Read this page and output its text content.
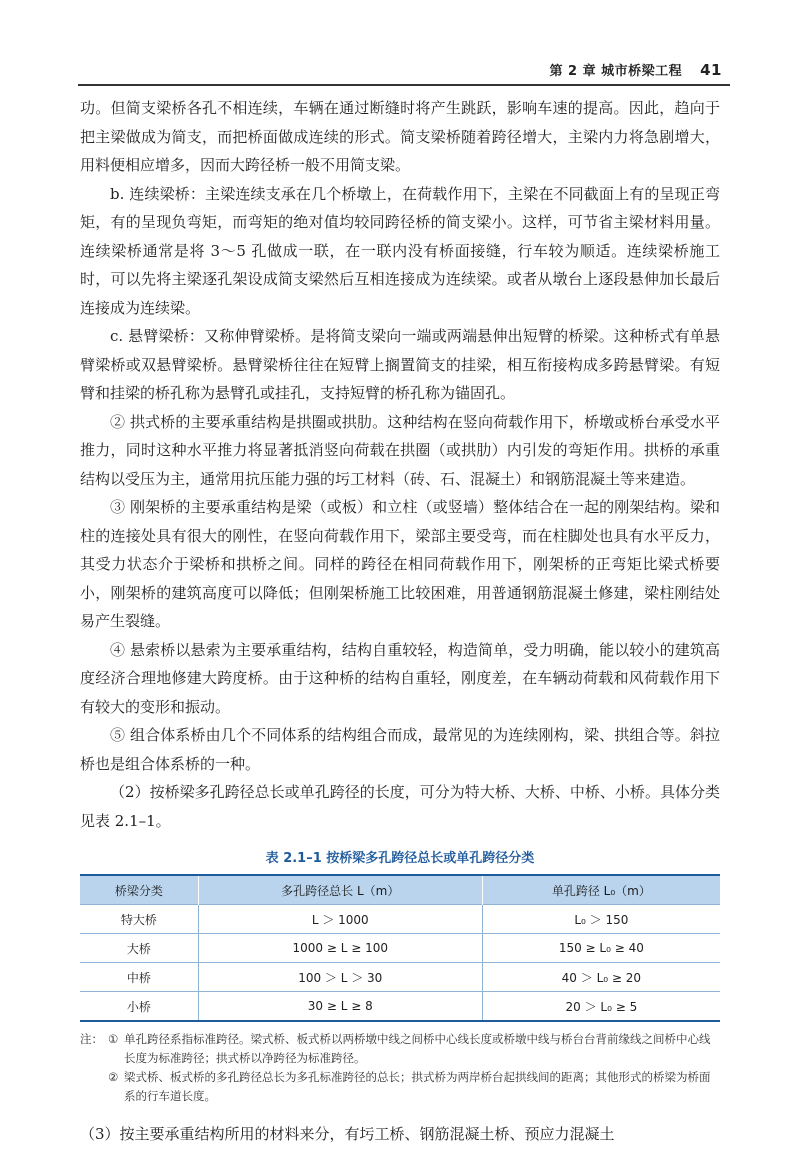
第 2 章 城市桥梁工程 41

功。但简支梁桥各孔不相连续，车辆在通过断缝时将产生跳跃，影响车速的提高。因此，趋向于把主梁做成为简支，而把桥面做成连续的形式。简支梁桥随着跨径增大，主梁内力将急剧增大，用料便相应增多，因而大跨径桥一般不用简支梁。

b. 连续梁桥：主梁连续支承在几个桥墩上，在荷载作用下，主梁在不同截面上有的呈现正弯矩，有的呈现负弯矩，而弯矩的绝对值均较同跨径桥的简支梁小。这样，可节省主梁材料用量。连续梁桥通常是将 3～5 孔做成一联，在一联内没有桥面接缝，行车较为顺适。连续梁桥施工时，可以先将主梁逐孔架设成简支梁然后互相连接成为连续梁。或者从墩台上逐段悬伸加长最后连接成为连续梁。

c. 悬臂梁桥：又称伸臂梁桥。是将简支梁向一端或两端悬伸出短臂的桥梁。这种桥式有单悬臂梁桥或双悬臂梁桥。悬臂梁桥往往在短臂上搁置简支的挂梁，相互衔接构成多跨悬臂梁。有短臂和挂梁的桥孔称为悬臂孔或挂孔，支持短臂的桥孔称为锚固孔。

② 拱式桥的主要承重结构是拱圈或拱肋。这种结构在竖向荷载作用下，桥墩或桥台承受水平推力，同时这种水平推力将显著抵消竖向荷载在拱圈（或拱肋）内引发的弯矩作用。拱桥的承重结构以受压为主，通常用抗压能力强的圬工材料（砖、石、混凝土）和钢筋混凝土等来建造。

③ 刚架桥的主要承重结构是梁（或板）和立柱（或竖墙）整体结合在一起的刚架结构。梁和柱的连接处具有很大的刚性，在竖向荷载作用下，梁部主要受弯，而在柱脚处也具有水平反力，其受力状态介于梁桥和拱桥之间。同样的跨径在相同荷载作用下，刚架桥的正弯矩比梁式桥要小，刚架桥的建筑高度可以降低；但刚架桥施工比较困难，用普通钢筋混凝土修建，梁柱刚结处易产生裂缝。

④ 悬索桥以悬索为主要承重结构，结构自重较轻，构造简单，受力明确，能以较小的建筑高度经济合理地修建大跨度桥。由于这种桥的结构自重轻，刚度差，在车辆动荷载和风荷载作用下有较大的变形和振动。

⑤ 组合体系桥由几个不同体系的结构组合而成，最常见的为连续刚构，梁、拱组合等。斜拉桥也是组合体系桥的一种。

（2）按桥梁多孔跨径总长或单孔跨径的长度，可分为特大桥、大桥、中桥、小桥。具体分类见表 2.1–1。

表 2.1–1 按桥梁多孔跨径总长或单孔跨径分类
桥梁分类	多孔跨径总长 L（m）	单孔跨径 L₀（m）
特大桥	L ＞ 1000	L₀ ＞ 150
大桥	1000 ≥ L ≥ 100	150 ≥ L₀ ≥ 40
中桥	100 ＞ L ＞ 30	40 ＞ L₀ ≥ 20
小桥	30 ≥ L ≥ 8	20 ＞ L₀ ≥ 5
注： ① 单孔跨径系指标准跨径。梁式桥、板式桥以两桥墩中线之间桥中心线长度或桥墩中线与桥台台背前缘线之间桥中心线长度为标准跨径；拱式桥以净跨径为标准跨径。
② 梁式桥、板式桥的多孔跨径总长为多孔标准跨径的总长；拱式桥为两岸桥台起拱线间的距离；其他形式的桥梁为桥面系的行车道长度。

（3）按主要承重结构所用的材料来分，有圬工桥、钢筋混凝土桥、预应力混凝土
